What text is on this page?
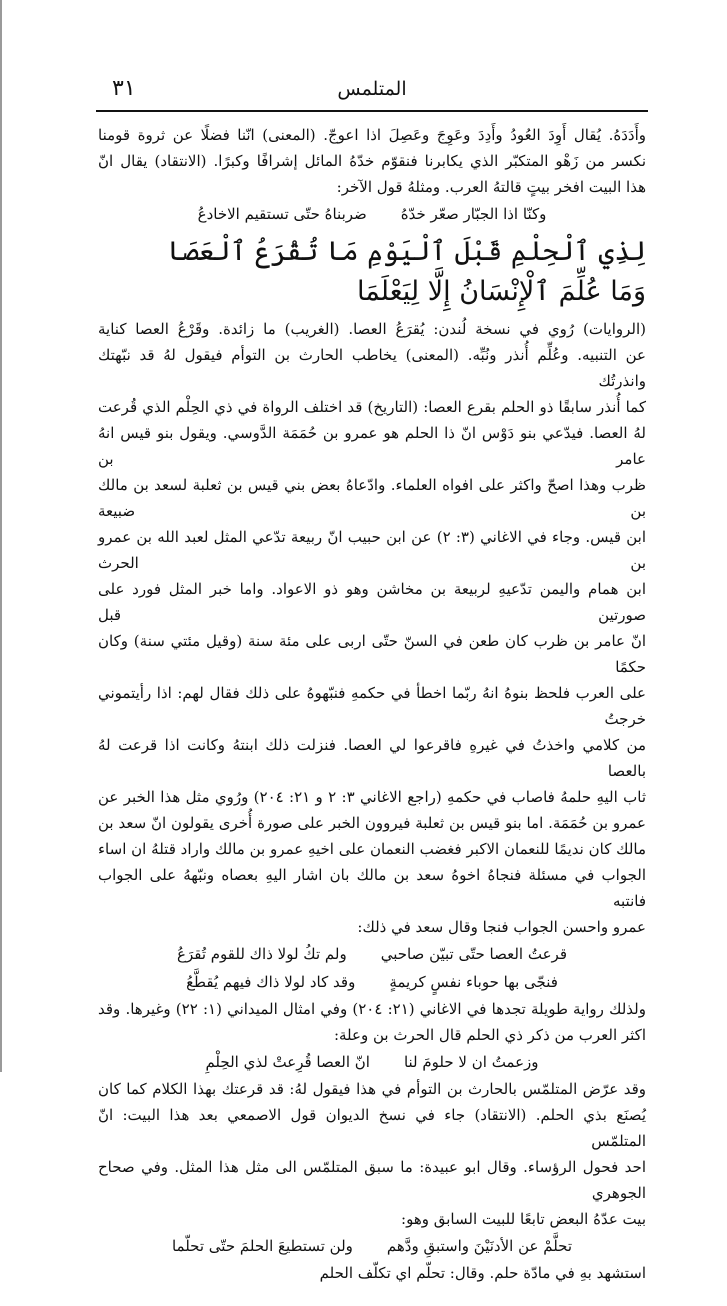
المتلمس
٣١
وأَدَدَهُ. يُقال أَوِدَ العُودُ وأَدِدَ وعَوِجَ وعَصِلَ اذا اعوجّ. (المعنى) انّنا فضلًا عن ثروة قومنا
نكسر من زَهْو المتكبّر الذي يكابرنا فنقوّم خدّهُ المائل إشرافًا وكبرًا. (الانتقاد) يقال انّ
هذا البيت افخر بيتٍ قالتهُ العرب. ومثلهُ قول الآخر:
وكنّا اذا الجبّار صعّر خدّهُ
ضربناهُ حتّى تستقيم الاخادعُ
لِذِي ٱلْحِلْمِ قَبْلَ ٱلْيَوْمِ مَا تُقْرَعُ ٱلْعَصَا
وَمَا عُلِّمَ ٱلْإِنْسَانُ إِلَّا لِيَعْلَمَا
(الروايات) رُوي في نسخة لُندن: يُقرَعُ العصا. (الغريب) ما زائدة. وقَرْعُ العصا كناية
عن التنبيه. وعُلِّم أُنذر ونُبِّه. (المعنى) يخاطب الحارث بن التوأم فيقول لهُ قد نبّهتك وانذرتُك
كما أُنذر سابقًا ذو الحلم بقرع العصا: (التاريخ) قد اختلف الرواة في ذي الحِلْم الذي قُرعت
لهُ العصا. فيدّعي بنو دَوْس انّ ذا الحلم هو عمرو بن حُمَمَة الدَّوسي. ويقول بنو قيس انهُ عامر بن
ظرب وهذا اصحّ واكثر على افواه العلماء. وادّعاهُ بعض بني قيس بن ثعلبة لسعد بن مالك بن ضبيعة
ابن قيس. وجاء في الاغاني (٣: ٢) عن ابن حبيب انّ ربيعة تدّعي المثل لعبد الله بن عمرو بن الحرث
ابن همام واليمن تدّعيهِ لربيعة بن مخاشن وهو ذو الاعواد. واما خبر المثل فورد على صورتين قبل
انّ عامر بن ظرب كان طعن في السنّ حتّى اربى على مئة سنة (وقيل مئتي سنة) وكان حكمًا
على العرب فلحظ بنوهُ انهُ ربّما اخطأ في حكمهِ فنبّهوهُ على ذلك فقال لهم: اذا رأيتموني خرجتُ
من كلامي واخذتُ في غيرهِ فاقرعوا لي العصا. فنزلت ذلك ابنتهُ وكانت اذا قرعت لهُ بالعصا
ثاب اليهِ حلمهُ فاصاب في حكمهِ (راجع الاغاني ٣: ٢ و ٢١: ٢٠٤) ورُوي مثل هذا الخبر عن
عمرو بن حُمَمَة. اما بنو قيس بن ثعلبة فيروون الخبر على صورة أُخرى يقولون انّ سعد بن
مالك كان نديمًا للنعمان الاكبر فغضب النعمان على اخيهِ عمرو بن مالك واراد قتلهُ ان اساء
الجواب في مسئلة فنجاهُ اخوهُ سعد بن مالك بان اشار اليهِ بعصاه ونبّههُ على الجواب فانتبه
عمرو واحسن الجواب فنجا وقال سعد في ذلك:
قرعتُ العصا حتّى تبيّن صاحبي
ولم تكُ لولا ذاك للقوم تُقرَعُ
فنجّى بها حوباء نفسٍ كريمةٍ
وقد كاد لولا ذاك فيهم يُقطَّعُ
ولذلك رواية طويلة تجدها في الاغاني (٢١: ٢٠٤) وفي امثال الميداني (١: ٢٢) وغيرها. وقد
اكثر العرب من ذكر ذي الحلم قال الحرث بن وعلة:
وزعمتُ ان لا حلومَ لنا
انّ العصا قُرِعتْ لذي الحِلْمِ
وقد عرّض المتلمّس بالحارث بن التوأم في هذا فيقول لهُ: قد قرعتك بهذا الكلام كما كان
يُصنَع بذي الحلم. (الانتقاد) جاء في نسخ الديوان قول الاصمعي بعد هذا البيت: انّ المتلمّس
احد فحول الرؤساء. وقال ابو عبيدة: ما سبق المتلمّس الى مثل هذا المثل. وفي صحاح الجوهري
بيت عدّهُ البعض تابعًا للبيت السابق وهو:
تحلَّمْ عن الأدنَيْنَ واستبقِ ودَّهم
ولن تستطيعَ الحلمَ حتّى تحلّما
استشهد بهِ في مادّة حلم. وقال: تحلّم اي تكلّف الحلم
